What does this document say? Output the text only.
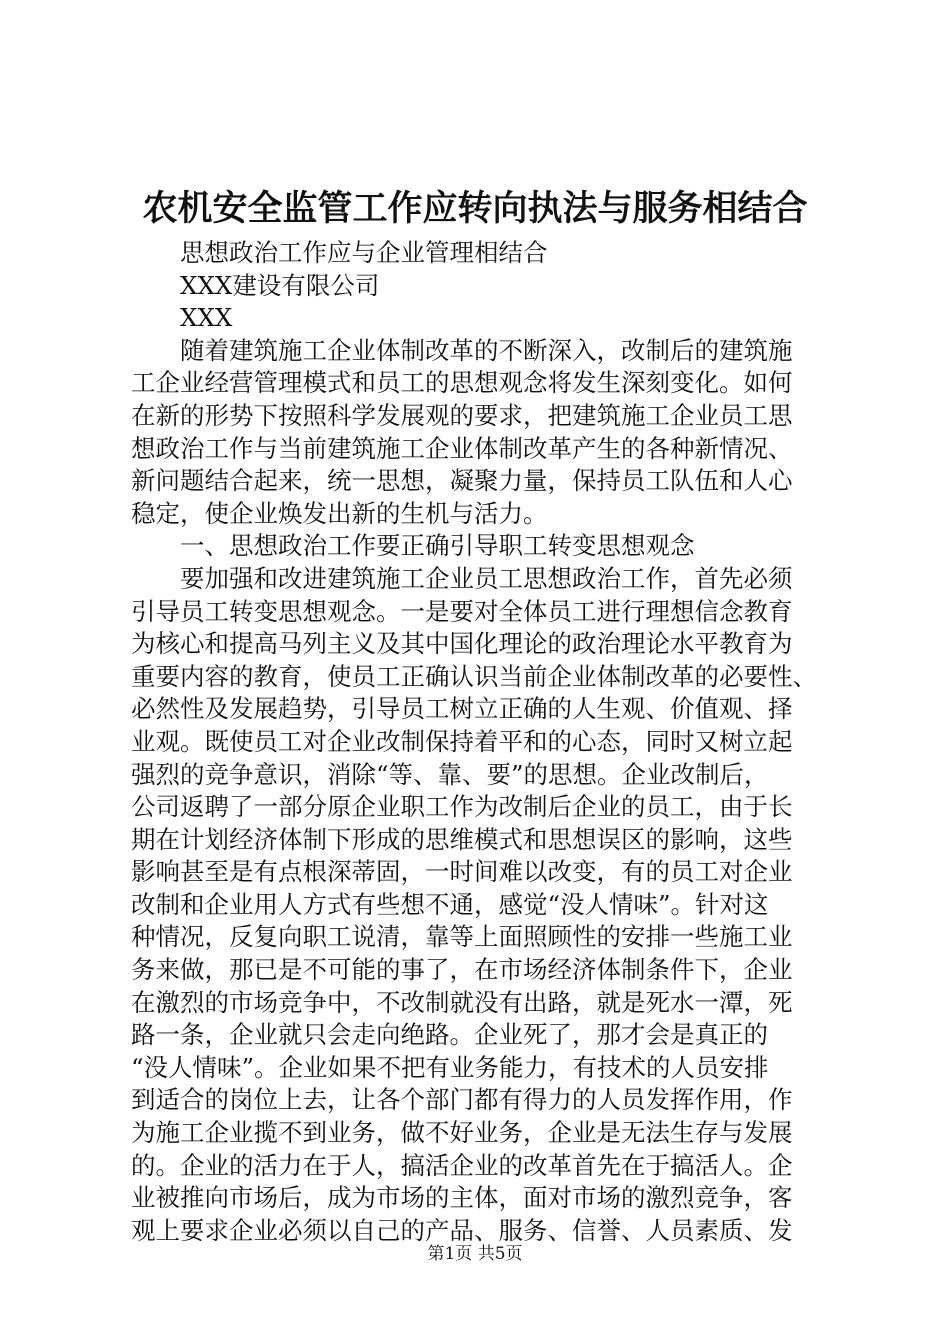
农机安全监管工作应转向执法与服务相结合
思想政治工作应与企业管理相结合
XXX建设有限公司
XXX
随着建筑施工企业体制改革的不断深入，改制后的建筑施
工企业经营管理模式和员工的思想观念将发生深刻变化。如何
在新的形势下按照科学发展观的要求，把建筑施工企业员工思
想政治工作与当前建筑施工企业体制改革产生的各种新情况、
新问题结合起来，统一思想，凝聚力量，保持员工队伍和人心
稳定，使企业焕发出新的生机与活力。
一、思想政治工作要正确引导职工转变思想观念
要加强和改进建筑施工企业员工思想政治工作，首先必须
引导员工转变思想观念。一是要对全体员工进行理想信念教育
为核心和提高马列主义及其中国化理论的政治理论水平教育为
重要内容的教育，使员工正确认识当前企业体制改革的必要性、
必然性及发展趋势，引导员工树立正确的人生观、价值观、择
业观。既使员工对企业改制保持着平和的心态，同时又树立起
强烈的竞争意识，消除“等、靠、要”的思想。企业改制后，
公司返聘了一部分原企业职工作为改制后企业的员工，由于长
期在计划经济体制下形成的思维模式和思想误区的影响，这些
影响甚至是有点根深蒂固，一时间难以改变，有的员工对企业
改制和企业用人方式有些想不通，感觉“没人情味”。针对这
种情况，反复向职工说清，靠等上面照顾性的安排一些施工业
务来做，那已是不可能的事了，在市场经济体制条件下，企业
在激烈的市场竞争中，不改制就没有出路，就是死水一潭，死
路一条，企业就只会走向绝路。企业死了，那才会是真正的
“没人情味”。企业如果不把有业务能力，有技术的人员安排
到适合的岗位上去，让各个部门都有得力的人员发挥作用，作
为施工企业揽不到业务，做不好业务，企业是无法生存与发展
的。企业的活力在于人，搞活企业的改革首先在于搞活人。企
业被推向市场后，成为市场的主体，面对市场的激烈竞争，客
观上要求企业必须以自己的产品、服务、信誉、人员素质、发
第1页 共5页
